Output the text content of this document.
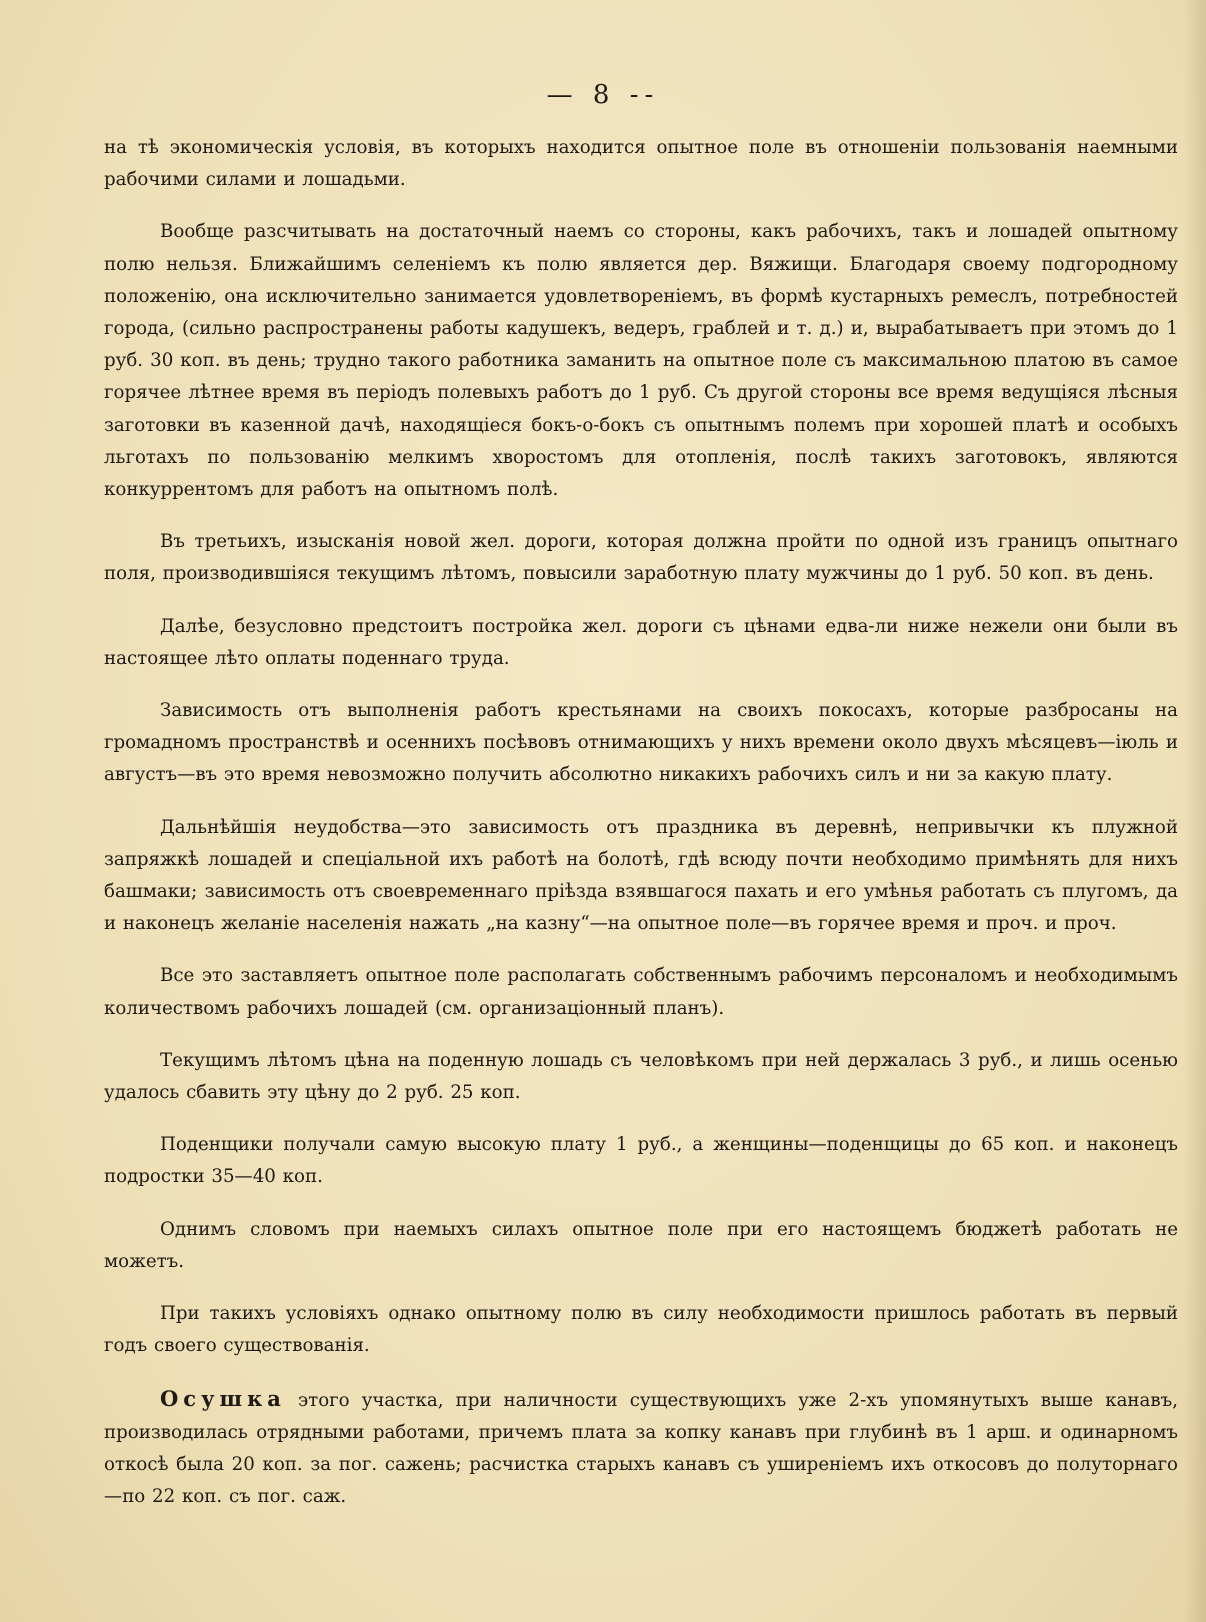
— 8 --

на тѣ экономическія условія, въ которыхъ находится опытное поле въ отношеніи пользованія наемными рабочими силами и лошадьми.

Вообще разсчитывать на достаточный наемъ со стороны, какъ рабочихъ, такъ и лошадей опытному полю нельзя. Ближайшимъ селеніемъ къ полю является дер. Вяжищи. Благодаря своему подгородному положенію, она исключительно занимается удовлетвореніемъ, въ формѣ кустарныхъ ремеслъ, потребностей города, (сильно распространены работы кадушекъ, ведеръ, граблей и т. д.) и, вырабатываетъ при этомъ до 1 руб. 30 коп. въ день; трудно такого работника заманить на опытное поле съ максимальною платою въ самое горячее лѣтнее время въ періодъ полевыхъ работъ до 1 руб. Съ другой стороны все время ведущіяся лѣсныя заготовки въ казенной дачѣ, находящіеся бокъ-о-бокъ съ опытнымъ полемъ при хорошей платѣ и особыхъ льготахъ по пользованію мелкимъ хворостомъ для отопленія, послѣ такихъ заготовокъ, являются конкуррентомъ для работъ на опытномъ полѣ.

Въ третьихъ, изысканія новой жел. дороги, которая должна пройти по одной изъ границъ опытнаго поля, производившіяся текущимъ лѣтомъ, повысили заработную плату мужчины до 1 руб. 50 коп. въ день.

Далѣе, безусловно предстоитъ постройка жел. дороги съ цѣнами едва-ли ниже нежели они были въ настоящее лѣто оплаты поденнаго труда.

Зависимость отъ выполненія работъ крестьянами на своихъ покосахъ, которые разбросаны на громадномъ пространствѣ и осеннихъ посѣвовъ отнимающихъ у нихъ времени около двухъ мѣсяцевъ—іюль и августъ—въ это время невозможно получить абсолютно никакихъ рабочихъ силъ и ни за какую плату.

Дальнѣйшія неудобства—это зависимость отъ праздника въ деревнѣ, непривычки къ плужной запряжкѣ лошадей и спеціальной ихъ работѣ на болотѣ, гдѣ всюду почти необходимо примѣнять для нихъ башмаки; зависимость отъ своевременнаго пріѣзда взявшагося пахать и его умѣнья работать съ плугомъ, да и наконецъ желаніе населенія нажать „на казну“—на опытное поле—въ горячее время и проч. и проч.

Все это заставляетъ опытное поле располагать собственнымъ рабочимъ персоналомъ и необходимымъ количествомъ рабочихъ лошадей (см. организаціонный планъ).

Текущимъ лѣтомъ цѣна на поденную лошадь съ человѣкомъ при ней держалась 3 руб., и лишь осенью удалось сбавить эту цѣну до 2 руб. 25 коп.

Поденщики получали самую высокую плату 1 руб., а женщины—поденщицы до 65 коп. и наконецъ подростки 35—40 коп.

Однимъ словомъ при наемыхъ силахъ опытное поле при его настоящемъ бюджетѣ работать не можетъ.

При такихъ условіяхъ однако опытному полю въ силу необходимости пришлось работать въ первый годъ своего существованія.

Осушка этого участка, при наличности существующихъ уже 2-хъ упомянутыхъ выше канавъ, производилась отрядными работами, причемъ плата за копку канавъ при глубинѣ въ 1 арш. и одинарномъ откосѣ была 20 коп. за пог. сажень; расчистка старыхъ канавъ съ уширеніемъ ихъ откосовъ до полуторнаго—по 22 коп. съ пог. саж.
